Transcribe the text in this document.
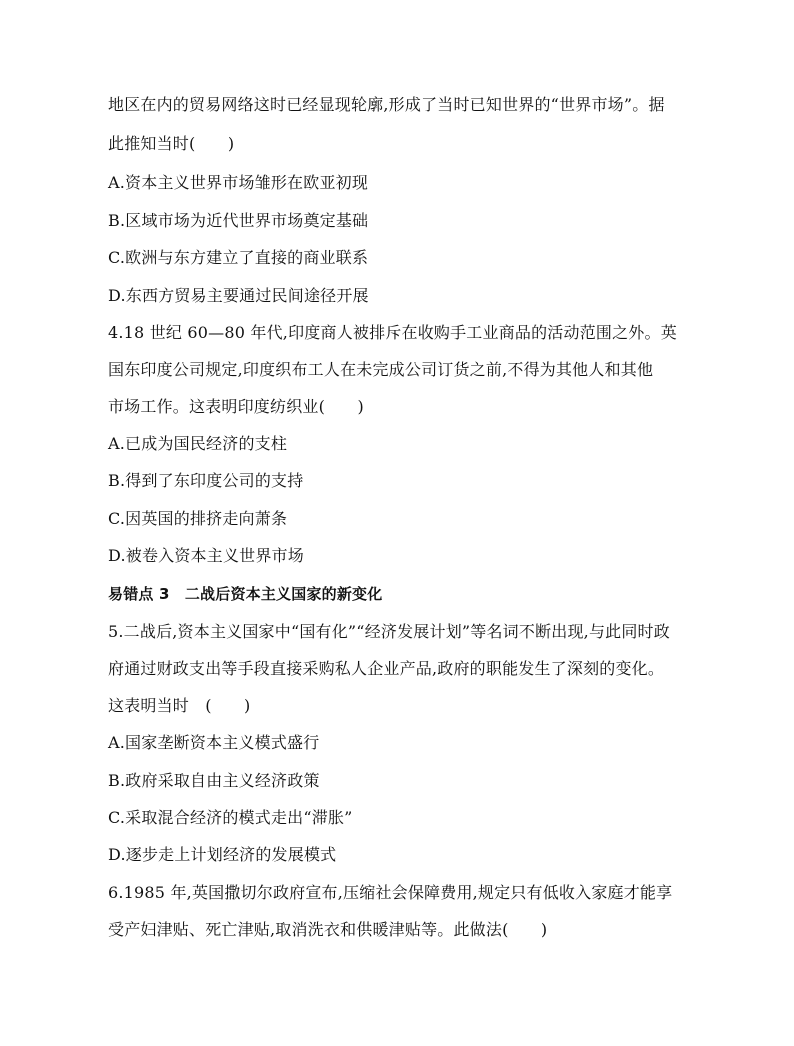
地区在内的贸易网络这时已经显现轮廓,形成了当时已知世界的“世界市场”。据
此推知当时(　　)
A.资本主义世界市场雏形在欧亚初现
B.区域市场为近代世界市场奠定基础
C.欧洲与东方建立了直接的商业联系
D.东西方贸易主要通过民间途径开展
4.18 世纪 60—80 年代,印度商人被排斥在收购手工业商品的活动范围之外。英
国东印度公司规定,印度织布工人在未完成公司订货之前,不得为其他人和其他
市场工作。这表明印度纺织业(　　)
A.已成为国民经济的支柱
B.得到了东印度公司的支持
C.因英国的排挤走向萧条
D.被卷入资本主义世界市场
易错点 3　二战后资本主义国家的新变化
5.二战后,资本主义国家中“国有化”“经济发展计划”等名词不断出现,与此同时政
府通过财政支出等手段直接采购私人企业产品,政府的职能发生了深刻的变化。
这表明当时　(　　)
A.国家垄断资本主义模式盛行
B.政府采取自由主义经济政策
C.采取混合经济的模式走出“滞胀”
D.逐步走上计划经济的发展模式
6.1985 年,英国撒切尔政府宣布,压缩社会保障费用,规定只有低收入家庭才能享
受产妇津贴、死亡津贴,取消洗衣和供暖津贴等。此做法(　　)
